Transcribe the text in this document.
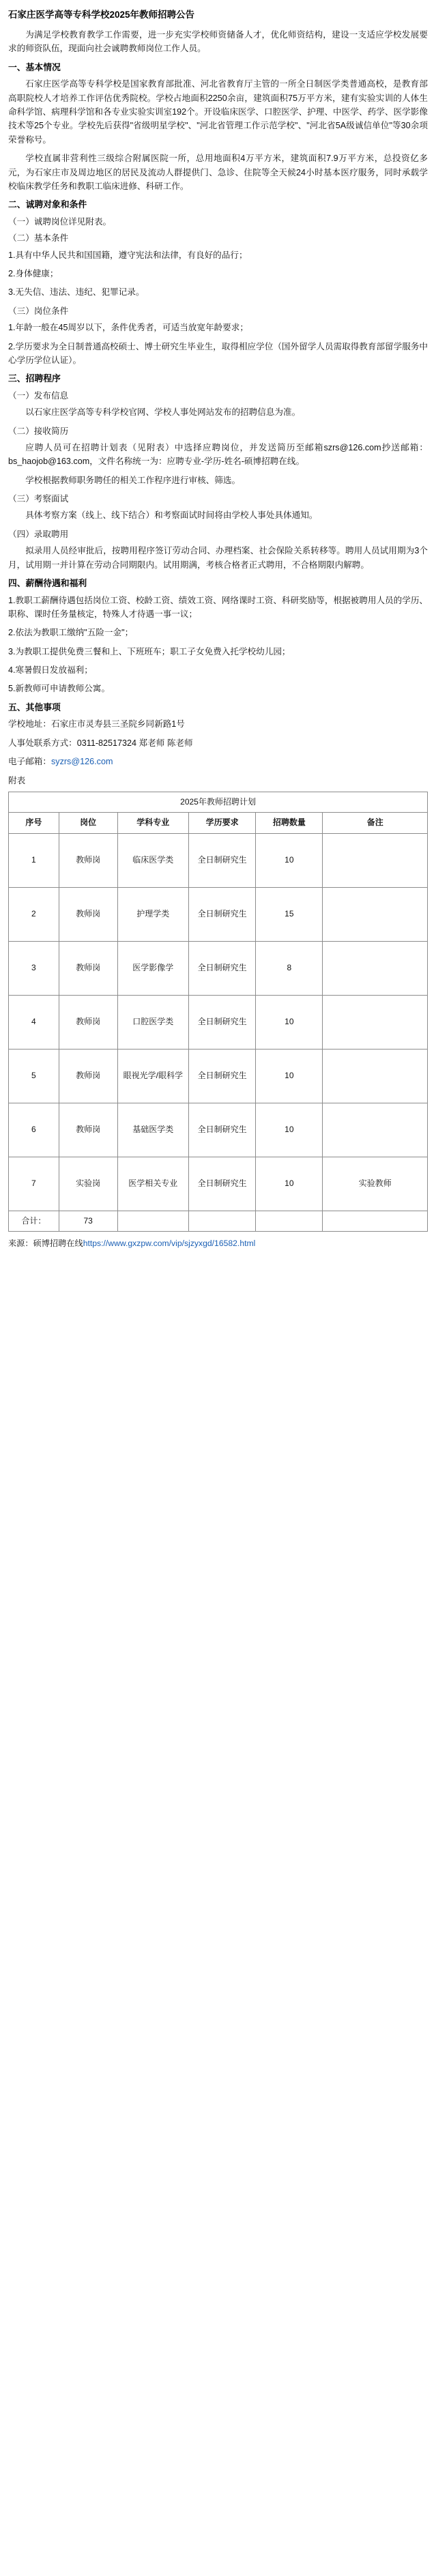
石家庄医学高等专科学校2025年教师招聘公告

为满足学校教育教学工作需要，进一步充实学校师资储备人才，优化师资结构，建设一支适应学校发展要求的师资队伍，现面向社会诚聘教师岗位工作人员。

一、基本情况

石家庄医学高等专科学校是国家教育部批准、河北省教育厅主管的一所全日制医学类普通高校，是教育部高职院校人才培养工作评估优秀院校。学校占地面积2250余亩，建筑面积75万平方米，建有实验实训的人体生命科学馆、病理科学馆和各专业实验实训室192个。开设临床医学、口腔医学、护理、中医学、药学、医学影像技术等25个专业。学校先后获得"省级明星学校"、"河北省管理工作示范学校"、"河北省5A级诚信单位"等30余项荣誉称号。

学校直属非营利性三级综合附属医院一所，总用地面积4万平方米，建筑面积7.9万平方米，总投资亿多元，为石家庄市及周边地区的居民及流动人群提供门、急诊、住院等全天候24小时基本医疗服务，同时承载学校临床教学任务和教职工临床进修、科研工作。

二、诚聘对象和条件

（一）诚聘岗位详见附表。

（二）基本条件

1.具有中华人民共和国国籍，遵守宪法和法律，有良好的品行；

2.身体健康；

3.无失信、违法、违纪、犯罪记录。

（三）岗位条件

1.年龄一般在45周岁以下，条件优秀者，可适当放宽年龄要求；

2.学历要求为全日制普通高校硕士、博士研究生毕业生，取得相应学位（国外留学人员需取得教育部留学服务中心学历学位认证）。

三、招聘程序

（一）发布信息

以石家庄医学高等专科学校官网、学校人事处网站发布的招聘信息为准。

（二）接收简历

应聘人员可在招聘计划表（见附表）中选择应聘岗位，并发送简历至邮箱szrs@126.com抄送邮箱：bs_haojob@163.com，文件名称统一为：应聘专业-学历-姓名-硕博招聘在线。

学校根据教师职务聘任的相关工作程序进行审核、筛选。

（三）考察面试

具体考察方案（线上、线下结合）和考察面试时间将由学校人事处具体通知。

（四）录取聘用

拟录用人员经审批后，按聘用程序签订劳动合同、办理档案、社会保险关系转移等。聘用人员试用期为3个月，试用期一并计算在劳动合同期限内。试用期满，考核合格者正式聘用，不合格期限内解聘。

四、薪酬待遇和福利

1.教职工薪酬待遇包括岗位工资、校龄工资、绩效工资、网络课时工资、科研奖励等，根据被聘用人员的学历、职称、课时任务量核定，特殊人才待遇一事一议；

2.依法为教职工缴纳"五险一金"；

3.为教职工提供免费三餐和上、下班班车；职工子女免费入托学校幼儿园；

4.寒暑假日发放福利；

5.新教师可申请教师公寓。

五、其他事项

学校地址：石家庄市灵寿县三圣院乡同新路1号

人事处联系方式：0311-82517324 郑老师 陈老师

电子邮箱：syzrs@126.com

附表

2025年教师招聘计划					
序号	岗位	学科专业	学历要求	招聘数量	备注
1	教师岗	临床医学类	全日制研究生	10	
2	教师岗	护理学类	全日制研究生	15	
3	教师岗	医学影像学	全日制研究生	8	
4	教师岗	口腔医学类	全日制研究生	10	
5	教师岗	眼视光学/眼科学	全日制研究生	10	
6	教师岗	基础医学类	全日制研究生	10	
7	实验岗	医学相关专业	全日制研究生	10	实验教师
合计：	73				

来源：硕博招聘在线https://www.gxzpw.com/vip/sjzyxgd/16582.html
